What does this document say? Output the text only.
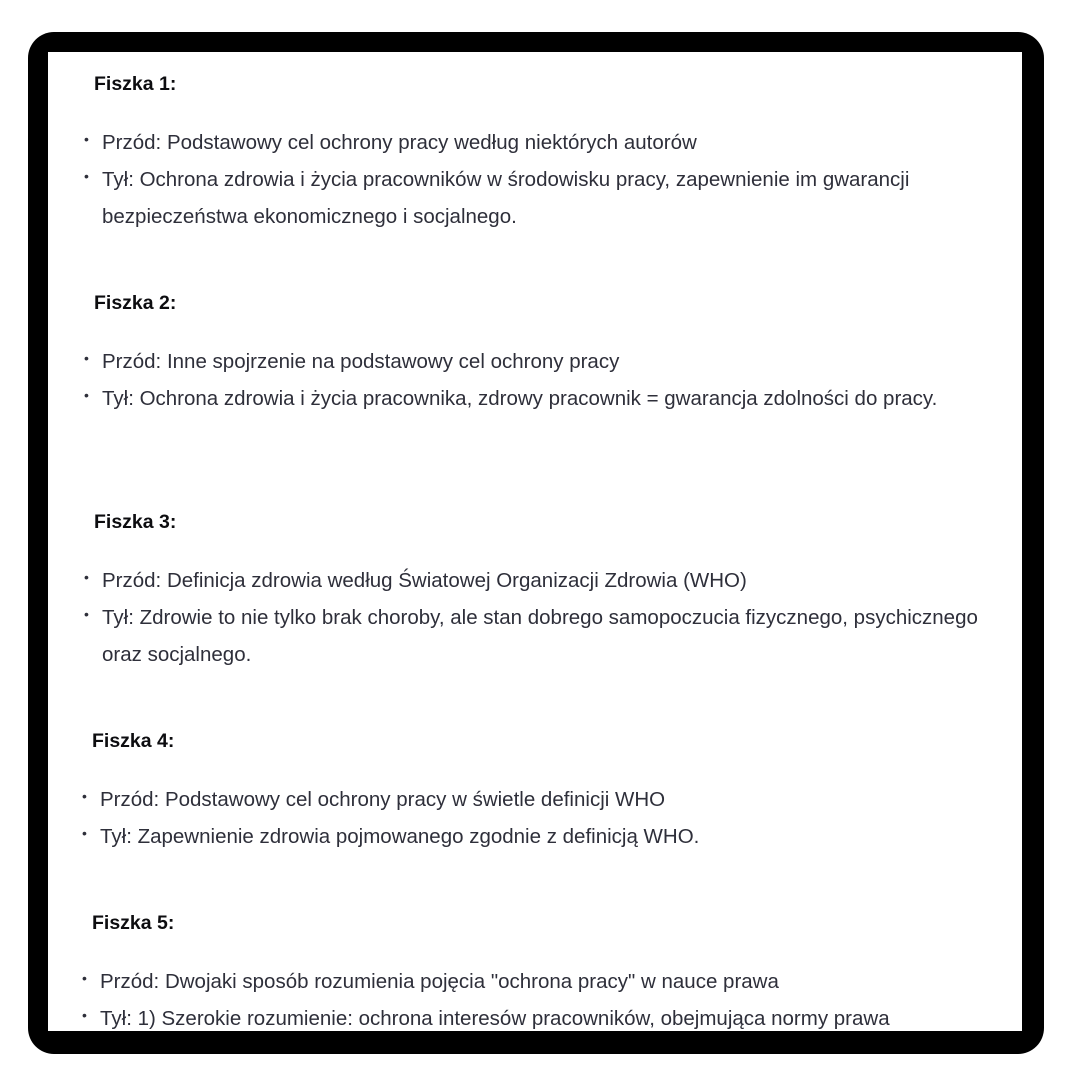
Fiszka 1:

• Przód: Podstawowy cel ochrony pracy według niektórych autorów
• Tył: Ochrona zdrowia i życia pracowników w środowisku pracy, zapewnienie im gwarancji bezpieczeństwa ekonomicznego i socjalnego.

Fiszka 2:

• Przód: Inne spojrzenie na podstawowy cel ochrony pracy
• Tył: Ochrona zdrowia i życia pracownika, zdrowy pracownik = gwarancja zdolności do pracy.

Fiszka 3:

• Przód: Definicja zdrowia według Światowej Organizacji Zdrowia (WHO)
• Tył: Zdrowie to nie tylko brak choroby, ale stan dobrego samopoczucia fizycznego, psychicznego oraz socjalnego.

Fiszka 4:

• Przód: Podstawowy cel ochrony pracy w świetle definicji WHO
• Tył: Zapewnienie zdrowia pojmowanego zgodnie z definicją WHO.

Fiszka 5:

• Przód: Dwojaki sposób rozumienia pojęcia "ochrona pracy" w nauce prawa
• Tył: 1) Szerokie rozumienie: ochrona interesów pracowników, obejmująca normy prawa
